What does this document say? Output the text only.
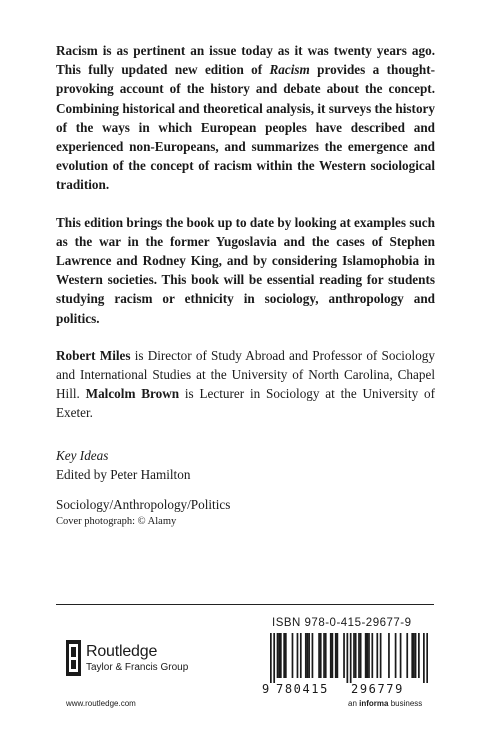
Racism is as pertinent an issue today as it was twenty years ago. This fully updated new edition of Racism provides a thought-provoking account of the history and debate about the concept. Combining historical and theoretical analysis, it surveys the history of the ways in which European peoples have described and experienced non-Europeans, and summarizes the emergence and evolution of the concept of racism within the Western sociological tradition.

This edition brings the book up to date by looking at examples such as the war in the former Yugoslavia and the cases of Stephen Lawrence and Rodney King, and by considering Islamophobia in Western societies. This book will be essential reading for students studying racism or ethnicity in sociology, anthropology and politics.

Robert Miles is Director of Study Abroad and Professor of Sociology and International Studies at the University of North Carolina, Chapel Hill. Malcolm Brown is Lecturer in Sociology at the University of Exeter.

Key Ideas
Edited by Peter Hamilton

Sociology/Anthropology/Politics

Cover photograph: © Alamy

Routledge
Taylor & Francis Group
www.routledge.com
ISBN 978-0-415-29677-9
9 780415 296779
an informa business
